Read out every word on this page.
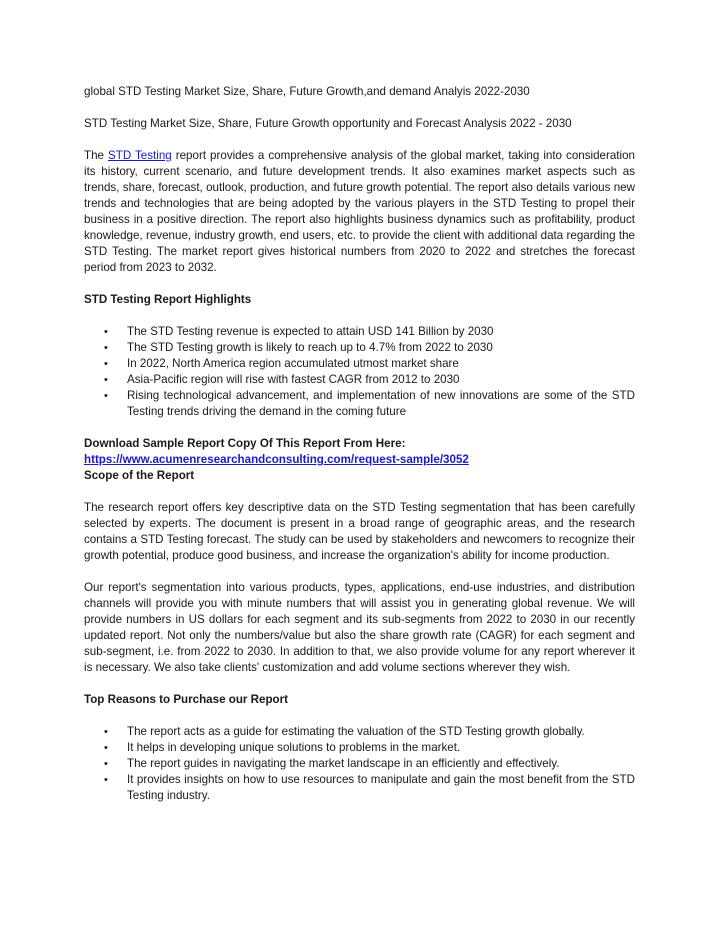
global STD Testing Market Size, Share, Future Growth,and demand Analyis 2022-2030

STD Testing Market Size, Share, Future Growth opportunity and Forecast Analysis 2022 - 2030

The STD Testing report provides a comprehensive analysis of the global market, taking into consideration its history, current scenario, and future development trends. It also examines market aspects such as trends, share, forecast, outlook, production, and future growth potential. The report also details various new trends and technologies that are being adopted by the various players in the STD Testing to propel their business in a positive direction. The report also highlights business dynamics such as profitability, product knowledge, revenue, industry growth, end users, etc. to provide the client with additional data regarding the STD Testing. The market report gives historical numbers from 2020 to 2022 and stretches the forecast period from 2023 to 2032.

STD Testing Report Highlights

• The STD Testing revenue is expected to attain USD 141 Billion by 2030
• The STD Testing growth is likely to reach up to 4.7% from 2022 to 2030
• In 2022, North America region accumulated utmost market share
• Asia-Pacific region will rise with fastest CAGR from 2012 to 2030
• Rising technological advancement, and implementation of new innovations are some of the STD Testing trends driving the demand in the coming future

Download Sample Report Copy Of This Report From Here:

https://www.acumenresearchandconsulting.com/request-sample/3052

Scope of the Report

The research report offers key descriptive data on the STD Testing segmentation that has been carefully selected by experts. The document is present in a broad range of geographic areas, and the research contains a STD Testing forecast. The study can be used by stakeholders and newcomers to recognize their growth potential, produce good business, and increase the organization's ability for income production.

Our report's segmentation into various products, types, applications, end-use industries, and distribution channels will provide you with minute numbers that will assist you in generating global revenue. We will provide numbers in US dollars for each segment and its sub-segments from 2022 to 2030 in our recently updated report. Not only the numbers/value but also the share growth rate (CAGR) for each segment and sub-segment, i.e. from 2022 to 2030. In addition to that, we also provide volume for any report wherever it is necessary. We also take clients' customization and add volume sections wherever they wish.

Top Reasons to Purchase our Report

• The report acts as a guide for estimating the valuation of the STD Testing growth globally.
• It helps in developing unique solutions to problems in the market.
• The report guides in navigating the market landscape in an efficiently and effectively.
• It provides insights on how to use resources to manipulate and gain the most benefit from the STD Testing industry.
